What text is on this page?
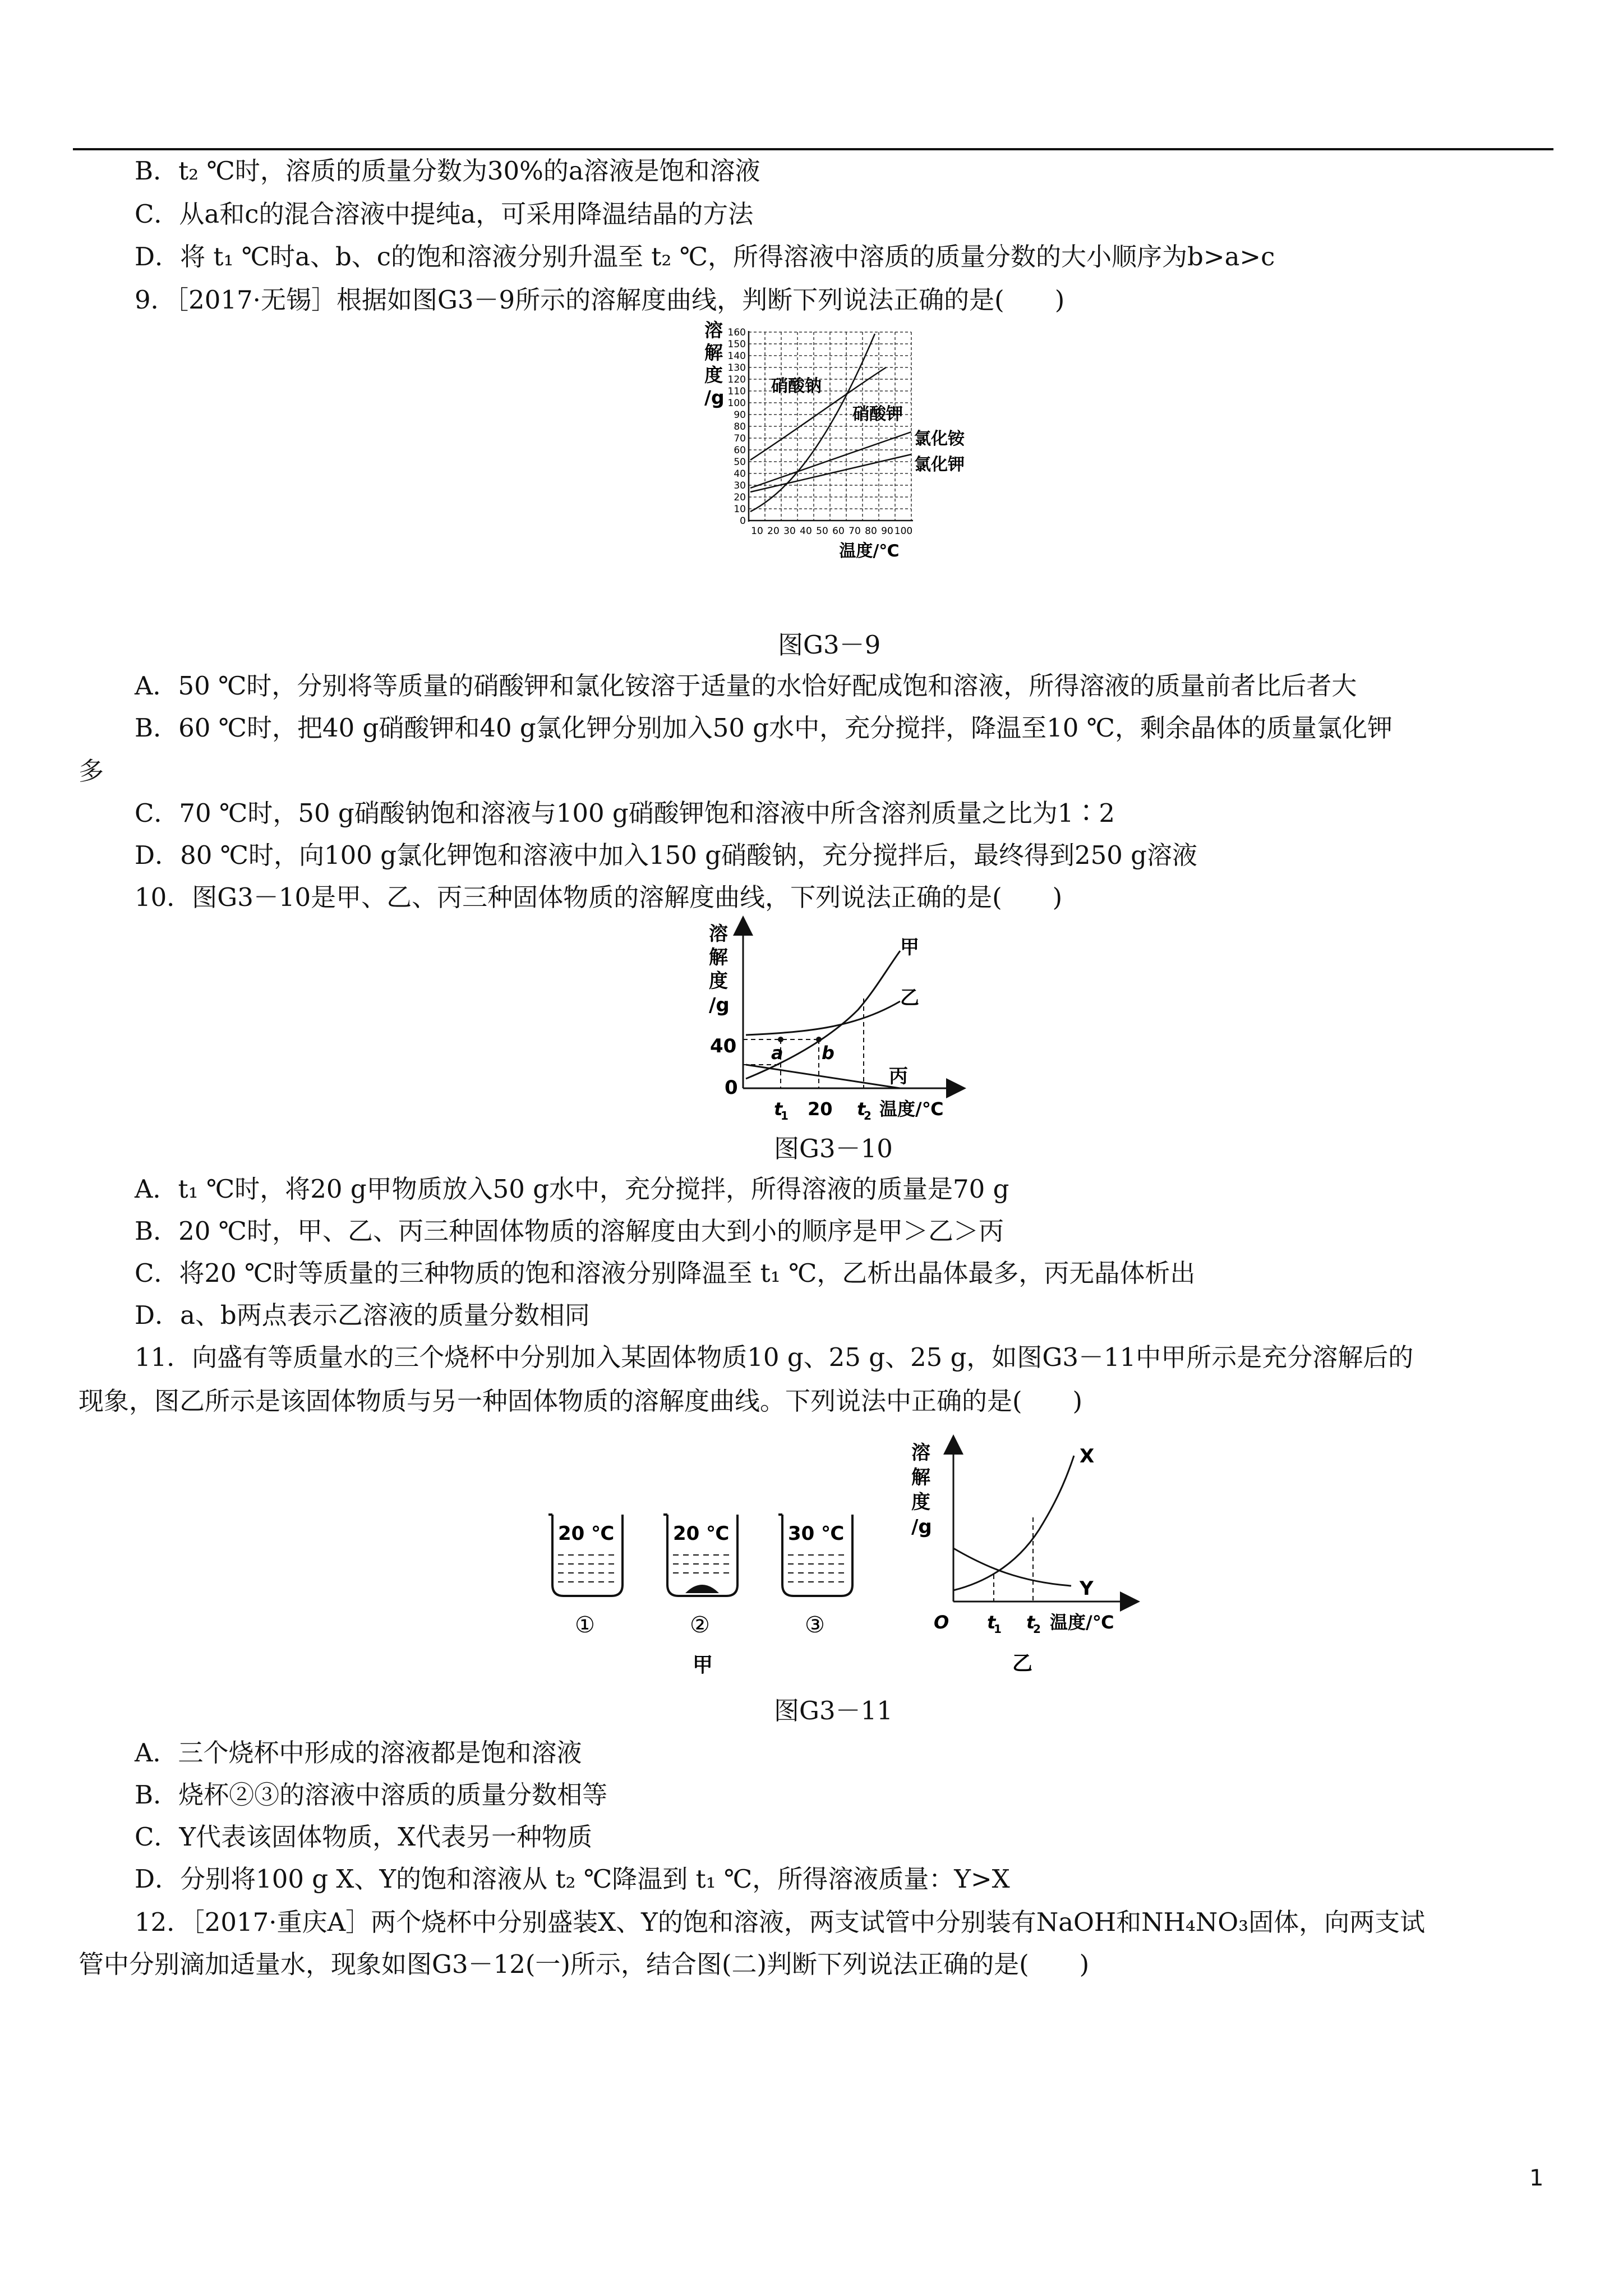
B．t₂ ℃时，溶质的质量分数为30%的a溶液是饱和溶液
C．从a和c的混合溶液中提纯a，可采用降温结晶的方法
D．将 t₁ ℃时a、b、c的饱和溶液分别升温至 t₂ ℃，所得溶液中溶质的质量分数的大小顺序为b>a>c
9．［2017·无锡］根据如图G3－9所示的溶解度曲线，判断下列说法正确的是(　　)
溶
解
度
/g
160
150
140
130
120
110
100
90
80
70
60
50
40
30
20
10
0
10 20 30 40 50 60 70 80 90 100
温度/℃
硝酸钠
硝酸钾
氯化铵
氯化钾
图G3－9
A．50 ℃时，分别将等质量的硝酸钾和氯化铵溶于适量的水恰好配成饱和溶液，所得溶液的质量前者比后者大
B．60 ℃时，把40 g硝酸钾和40 g氯化钾分别加入50 g水中，充分搅拌，降温至10 ℃，剩余晶体的质量氯化钾
多
C．70 ℃时，50 g硝酸钠饱和溶液与100 g硝酸钾饱和溶液中所含溶剂质量之比为1∶2
D．80 ℃时，向100 g氯化钾饱和溶液中加入150 g硝酸钠，充分搅拌后，最终得到250 g溶液
10．图G3－10是甲、乙、丙三种固体物质的溶解度曲线，下列说法正确的是(　　)
溶
解
度
/g
40
0
a b
甲
乙
丙
t
1 20 t
2 温度/℃
图G3－10
A．t₁ ℃时，将20 g甲物质放入50 g水中，充分搅拌，所得溶液的质量是70 g
B．20 ℃时，甲、乙、丙三种固体物质的溶解度由大到小的顺序是甲＞乙＞丙
C．将20 ℃时等质量的三种物质的饱和溶液分别降温至 t₁ ℃，乙析出晶体最多，丙无晶体析出
D．a、b两点表示乙溶液的质量分数相同
11．向盛有等质量水的三个烧杯中分别加入某固体物质10 g、25 g、25 g，如图G3－11中甲所示是充分溶解后的
现象，图乙所示是该固体物质与另一种固体物质的溶解度曲线。下列说法中正确的是(　　)
20 ℃	20 ℃	30 ℃
①	②	③
甲
溶
解
度
/g
X
Y
O t
1 t
2 温度/℃
乙
图G3－11
A．三个烧杯中形成的溶液都是饱和溶液
B．烧杯②③的溶液中溶质的质量分数相等
C．Y代表该固体物质，X代表另一种物质
D．分别将100 g X、Y的饱和溶液从 t₂ ℃降温到 t₁ ℃，所得溶液质量：Y>X
12．［2017·重庆A］两个烧杯中分别盛装X、Y的饱和溶液，两支试管中分别装有NaOH和NH₄NO₃固体，向两支试
管中分别滴加适量水，现象如图G3－12(一)所示，结合图(二)判断下列说法正确的是(　　)
1
